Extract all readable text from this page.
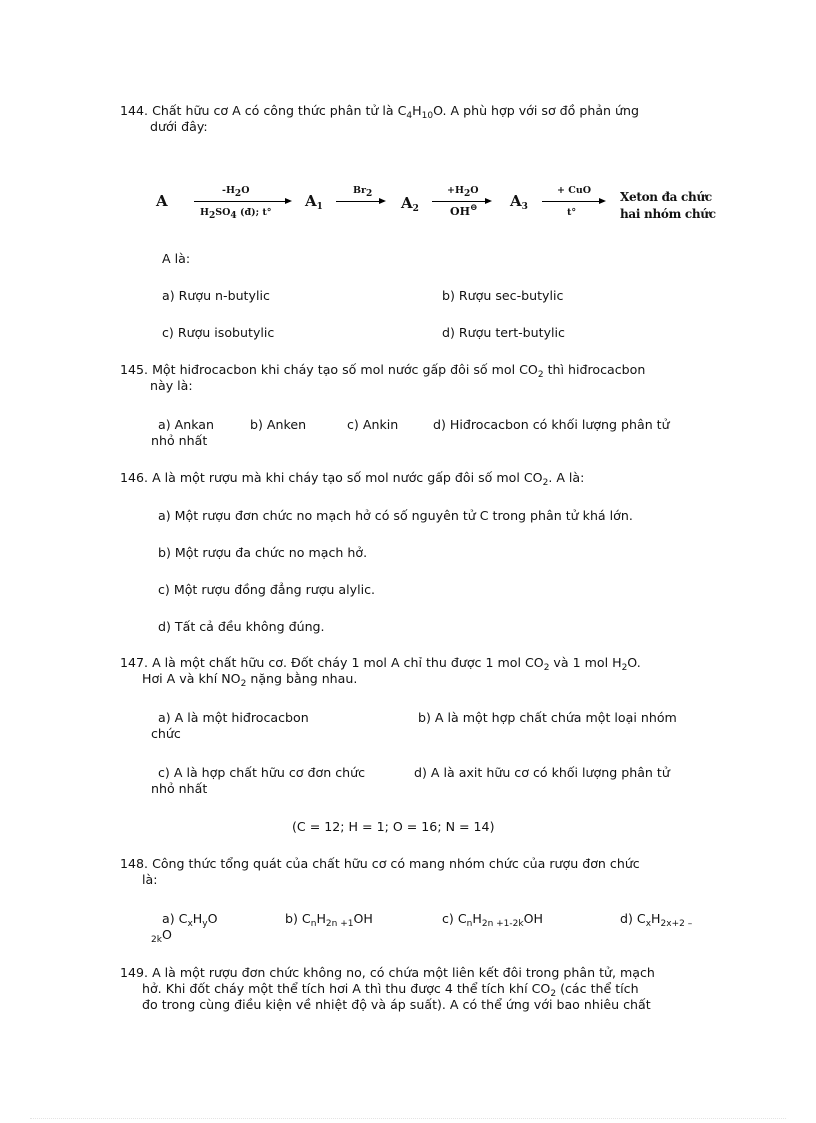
144. Chất hữu cơ A có công thức phân tử là $C_4H_{10}O$. A phù hợp với sơ đồ phản ứng
dưới đây:
A
$-H_2O$
$H_2SO_4$ (đ); t°
$A_1$
$Br_2 \to A_2$
$+H_2O$
OH⊖ $A_3$
+ CuO
t°
Xeton đa chức
hai nhóm chức
A là:
a) Rượu n-butylic	b) Rượu sec-butylic
c) Rượu isobutylic	d) Rượu tert-butylic
145. Một hiđrocacbon khi cháy tạo số mol nước gấp đôi số mol $CO_2$ thì hiđrocacbon
này là:
a) Ankan	b) Anken	c) Ankin	d) Hiđrocacbon có khối lượng phân tử
nhỏ nhất
146. A là một rượu mà khi cháy tạo số mol nước gấp đôi số mol $CO_2$. A là:
a) Một rượu đơn chức no mạch hở có số nguyên tử C trong phân tử khá lớn.
b) Một rượu đa chức no mạch hở.
c) Một rượu đồng đẳng rượu alylic.
d) Tất cả đều không đúng.
147. A là một chất hữu cơ. Đốt cháy 1 mol A chỉ thu được 1 mol $CO_2$ và 1 mol $H_2O$.
Hơi A và khí $NO_2$ nặng bằng nhau.
a) A là một hiđrocacbon	b) A là một hợp chất chứa một loại nhóm
chức
c) A là hợp chất hữu cơ đơn chức	d) A là axit hữu cơ có khối lượng phân tử
nhỏ nhất
(C = 12; H = 1; O = 16; N = 14)
148. Công thức tổng quát của chất hữu cơ có mang nhóm chức của rượu đơn chức
là:
a) $C_xH_yO$	b) $C_nH_{2n +1}OH$	c) $C_nH_{2n +1-2k}OH$	d) $C_xH_{2x+2 -}$
$_{2k}$O
149. A là một rượu đơn chức không no, có chứa một liên kết đôi trong phân tử, mạch
hở. Khi đốt cháy một thể tích hơi A thì thu được 4 thể tích khí $CO_2$ (các thể tích
đo trong cùng điều kiện về nhiệt độ và áp suất). A có thể ứng với bao nhiêu chất
